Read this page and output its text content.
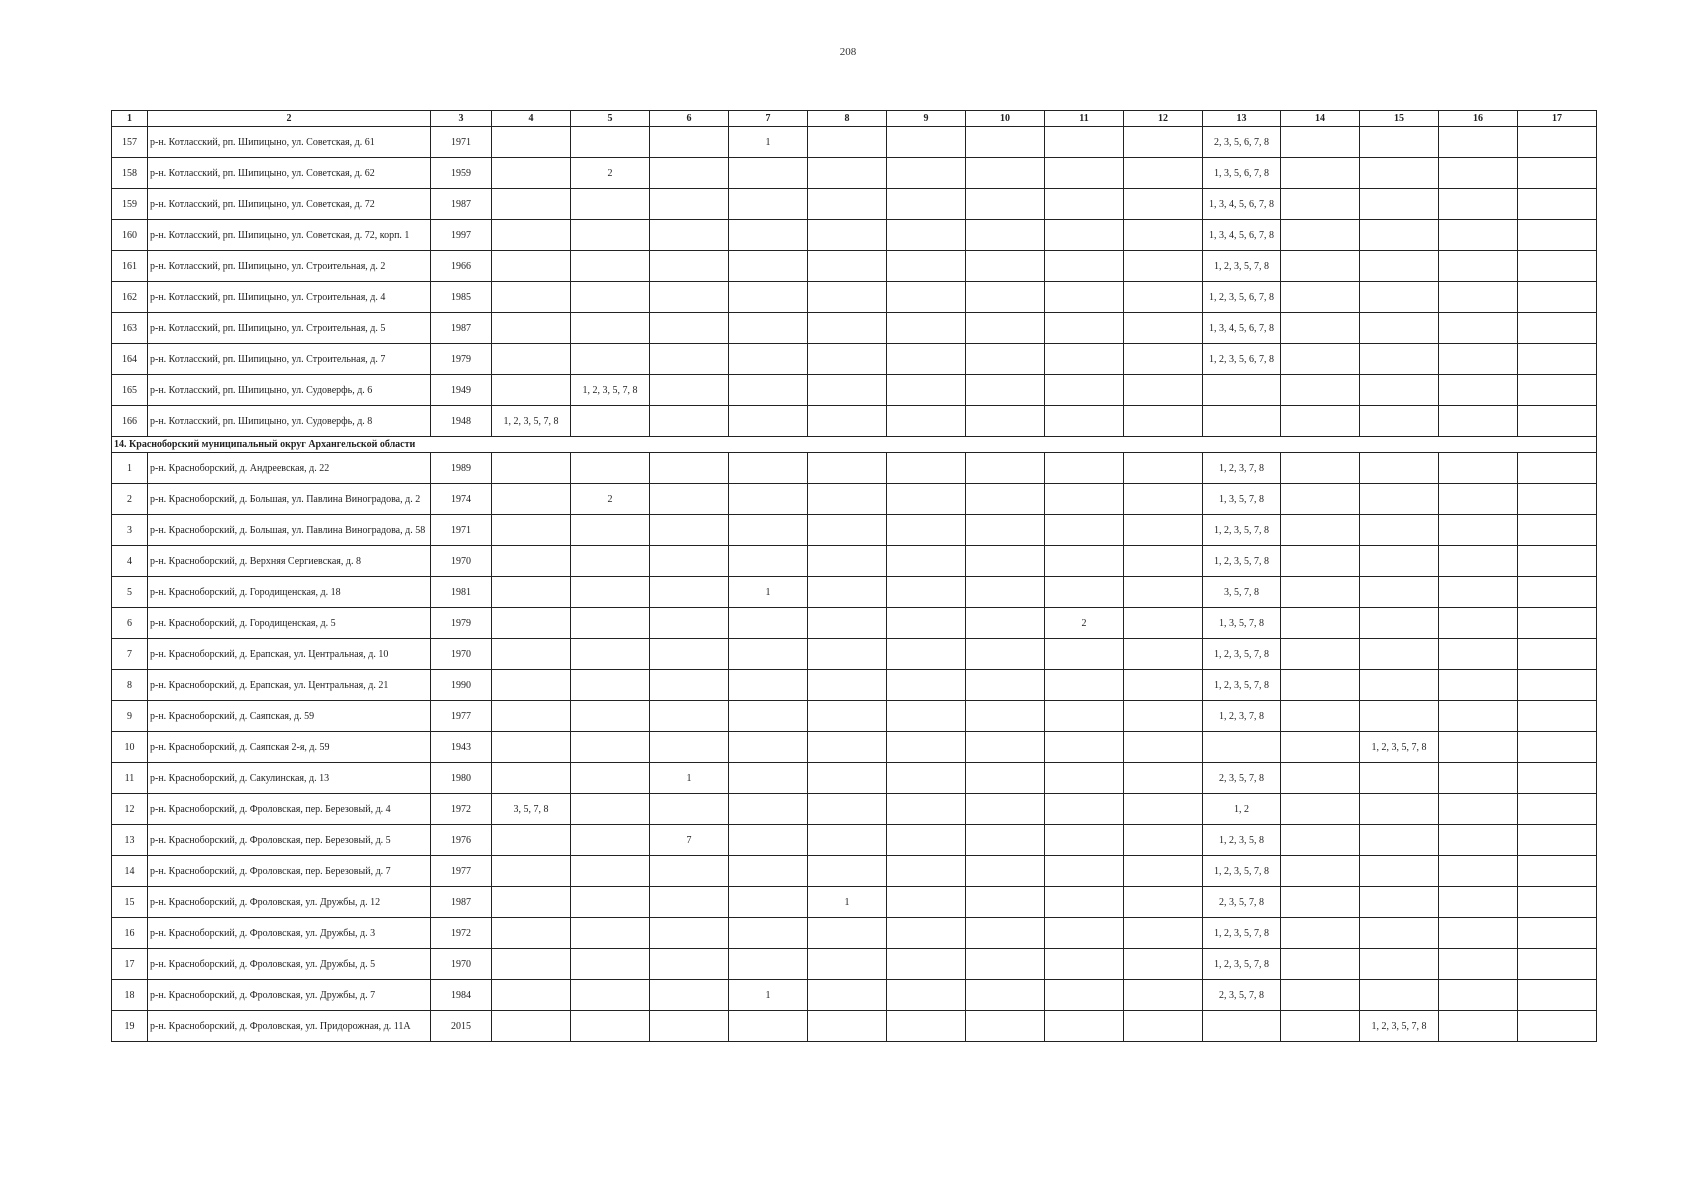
208
1	2	3	4	5	6	7	8	9	10	11	12	13	14	15	16	17
157	р-н. Котласский, рп. Шипицыно, ул. Советская, д. 61	1971				1						2, 3, 5, 6, 7, 8				
158	р-н. Котласский, рп. Шипицыно, ул. Советская, д. 62	1959		2								1, 3, 5, 6, 7, 8				
159	р-н. Котласский, рп. Шипицыно, ул. Советская, д. 72	1987										1, 3, 4, 5, 6, 7, 8				
160	р-н. Котласский, рп. Шипицыно, ул. Советская, д. 72, корп. 1	1997										1, 3, 4, 5, 6, 7, 8				
161	р-н. Котласский, рп. Шипицыно, ул. Строительная, д. 2	1966										1, 2, 3, 5, 7, 8				
162	р-н. Котласский, рп. Шипицыно, ул. Строительная, д. 4	1985										1, 2, 3, 5, 6, 7, 8				
163	р-н. Котласский, рп. Шипицыно, ул. Строительная, д. 5	1987										1, 3, 4, 5, 6, 7, 8				
164	р-н. Котласский, рп. Шипицыно, ул. Строительная, д. 7	1979										1, 2, 3, 5, 6, 7, 8				
165	р-н. Котласский, рп. Шипицыно, ул. Судоверфь, д. 6	1949		1, 2, 3, 5, 7, 8												
166	р-н. Котласский, рп. Шипицыно, ул. Судоверфь, д. 8	1948	1, 2, 3, 5, 7, 8													
14. Красноборский муниципальный округ Архангельской области																
1	р-н. Красноборский, д. Андреевская, д. 22	1989										1, 2, 3, 7, 8				
2	р-н. Красноборский, д. Большая, ул. Павлина Виноградова, д. 2	1974		2								1, 3, 5, 7, 8				
3	р-н. Красноборский, д. Большая, ул. Павлина Виноградова, д. 58	1971										1, 2, 3, 5, 7, 8				
4	р-н. Красноборский, д. Верхняя Сергиевская, д. 8	1970										1, 2, 3, 5, 7, 8				
5	р-н. Красноборский, д. Городищенская, д. 18	1981				1						3, 5, 7, 8				
6	р-н. Красноборский, д. Городищенская, д. 5	1979								2		1, 3, 5, 7, 8				
7	р-н. Красноборский, д. Ерапская, ул. Центральная, д. 10	1970										1, 2, 3, 5, 7, 8				
8	р-н. Красноборский, д. Ерапская, ул. Центральная, д. 21	1990										1, 2, 3, 5, 7, 8				
9	р-н. Красноборский, д. Саяпская, д. 59	1977										1, 2, 3, 7, 8				
10	р-н. Красноборский, д. Саяпская 2-я, д. 59	1943												1, 2, 3, 5, 7, 8		
11	р-н. Красноборский, д. Сакулинская, д. 13	1980			1							2, 3, 5, 7, 8				
12	р-н. Красноборский, д. Фроловская, пер. Березовый, д. 4	1972	3, 5, 7, 8									1, 2				
13	р-н. Красноборский, д. Фроловская, пер. Березовый, д. 5	1976			7							1, 2, 3, 5, 8				
14	р-н. Красноборский, д. Фроловская, пер. Березовый, д. 7	1977										1, 2, 3, 5, 7, 8				
15	р-н. Красноборский, д. Фроловская, ул. Дружбы, д. 12	1987					1					2, 3, 5, 7, 8				
16	р-н. Красноборский, д. Фроловская, ул. Дружбы, д. 3	1972										1, 2, 3, 5, 7, 8				
17	р-н. Красноборский, д. Фроловская, ул. Дружбы, д. 5	1970										1, 2, 3, 5, 7, 8				
18	р-н. Красноборский, д. Фроловская, ул. Дружбы, д. 7	1984				1						2, 3, 5, 7, 8				
19	р-н. Красноборский, д. Фроловская, ул. Придорожная, д. 11А	2015												1, 2, 3, 5, 7, 8		
